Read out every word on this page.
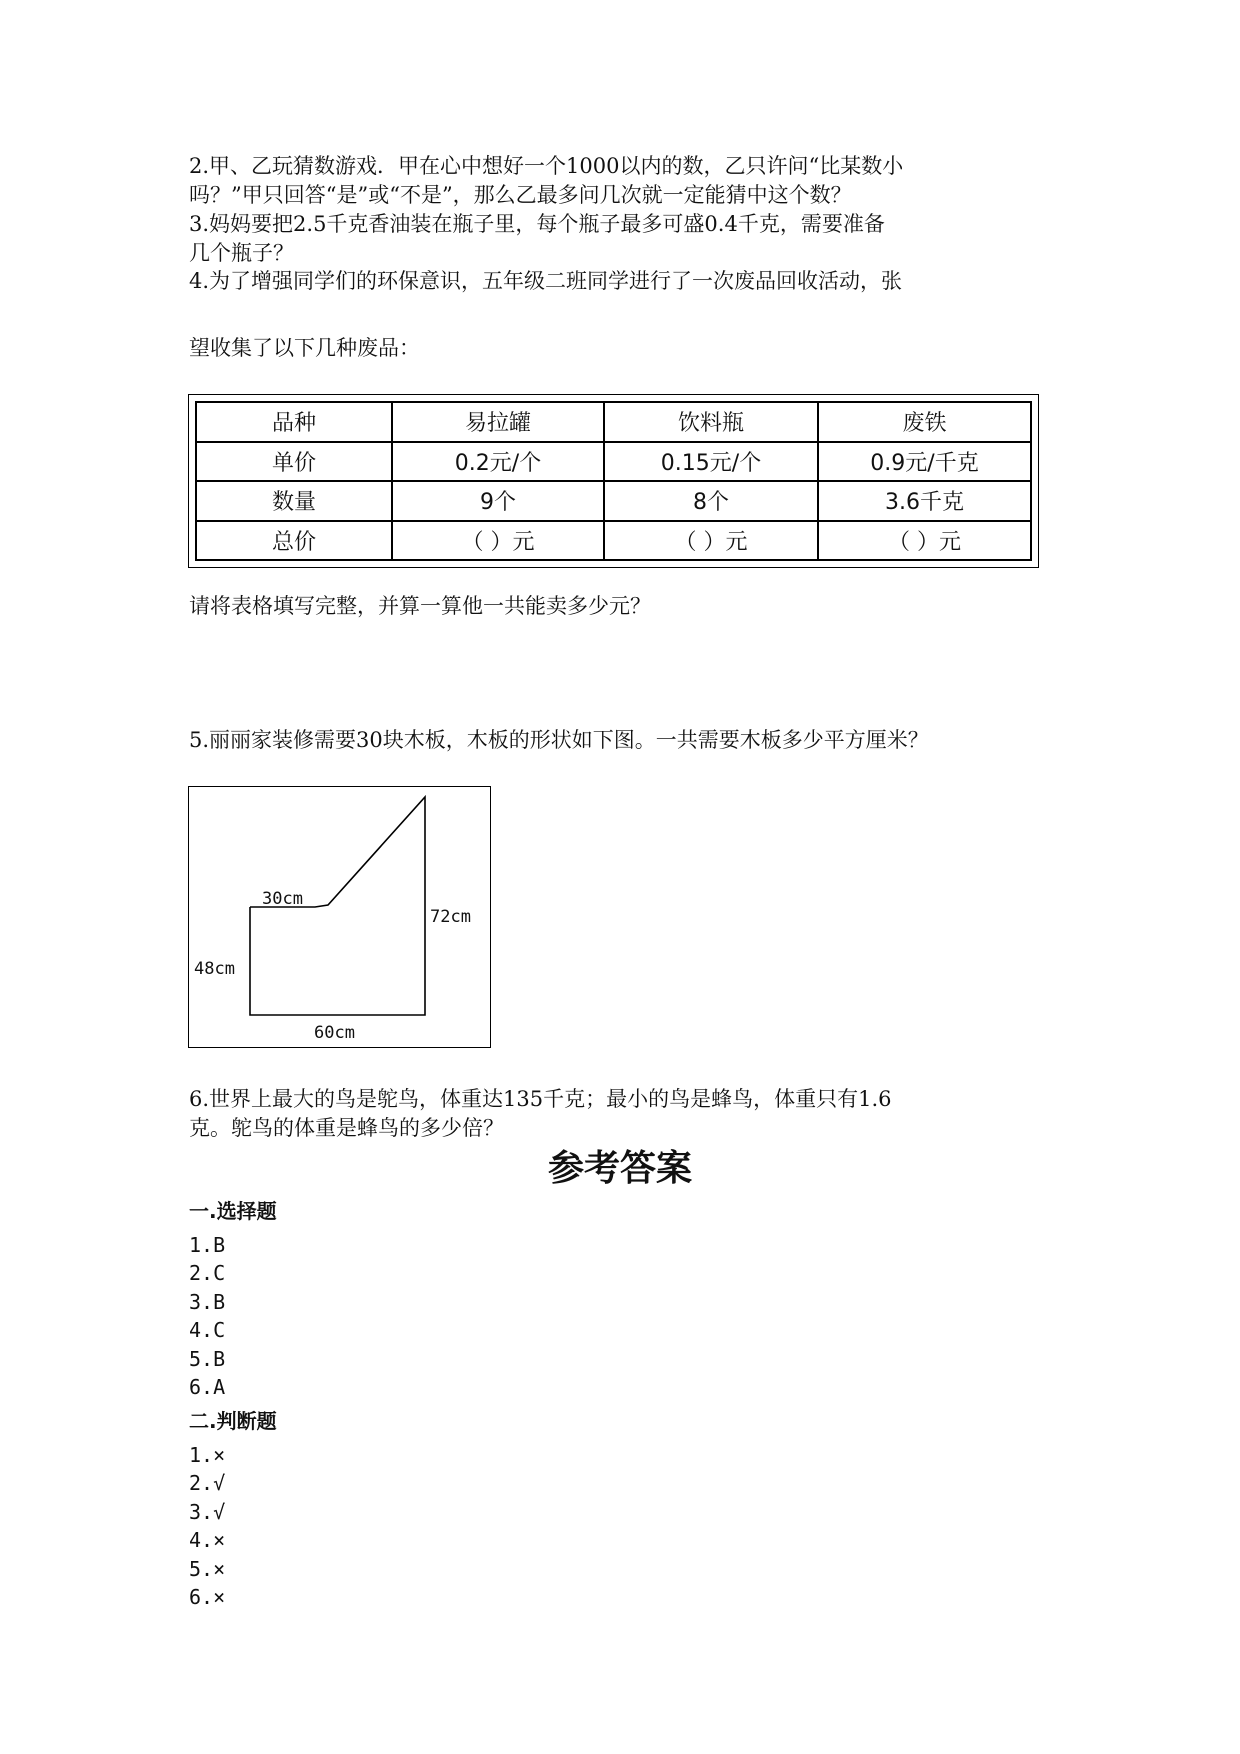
2.甲、乙玩猜数游戏．甲在心中想好一个1000以内的数，乙只许问“比某数小
吗？”甲只回答“是”或“不是”，那么乙最多问几次就一定能猜中这个数？
3.妈妈要把2.5千克香油装在瓶子里，每个瓶子最多可盛0.4千克，需要准备
几个瓶子？
4.为了增强同学们的环保意识，五年级二班同学进行了一次废品回收活动，张
望收集了以下几种废品：
品种	易拉罐	饮料瓶	废铁
单价	0.2元/个	0.15元/个	0.9元/千克
数量	9个	8个	3.6千克
总价	（ ）元	（ ）元	（ ）元
请将表格填写完整，并算一算他一共能卖多少元？
5.丽丽家装修需要30块木板，木板的形状如下图。一共需要木板多少平方厘米？
30cm
72cm
48cm
60cm
6.世界上最大的鸟是鸵鸟，体重达135千克；最小的鸟是蜂鸟，体重只有1.6
克。鸵鸟的体重是蜂鸟的多少倍？
参考答案
一.选择题
1.B
2.C
3.B
4.C
5.B
6.A
二.判断题
1.×
2.√
3.√
4.×
5.×
6.×
